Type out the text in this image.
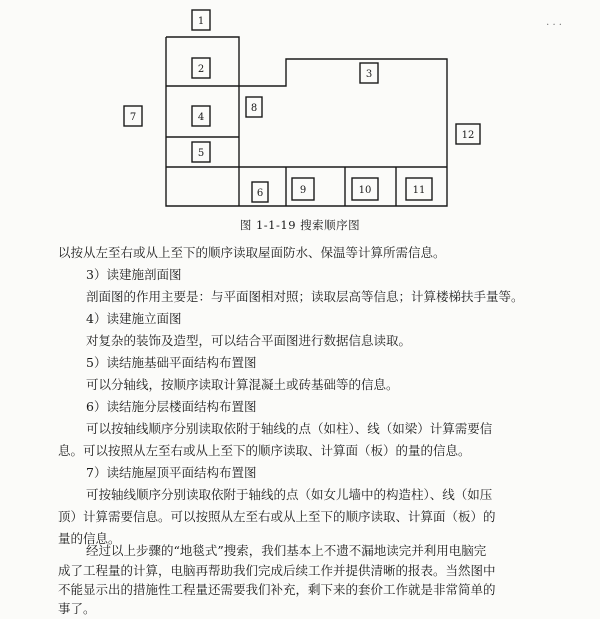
· · ·
1
2	3
4
5
6
7
8
9	10	11
12
图 1-1-19 搜索顺序图
以按从左至右或从上至下的顺序读取屋面防水、保温等计算所需信息。
3）读建施剖面图
剖面图的作用主要是：与平面图相对照；读取层高等信息；计算楼梯扶手量等。
4）读建施立面图
对复杂的装饰及造型，可以结合平面图进行数据信息读取。
5）读结施基础平面结构布置图
可以分轴线，按顺序读取计算混凝土或砖基础等的信息。
6）读结施分层楼面结构布置图
可以按轴线顺序分别读取依附于轴线的点（如柱）、线（如梁）计算需要信
息。可以按照从左至右或从上至下的顺序读取、计算面（板）的量的信息。
7）读结施屋顶平面结构布置图
可按轴线顺序分别读取依附于轴线的点（如女儿墙中的构造柱）、线（如压
顶）计算需要信息。可以按照从左至右或从上至下的顺序读取、计算面（板）的
量的信息。
经过以上步骤的“地毯式”搜索，我们基本上不遗不漏地读完并利用电脑完
成了工程量的计算，电脑再帮助我们完成后续工作并提供清晰的报表。当然图中
不能显示出的措施性工程量还需要我们补充，剩下来的套价工作就是非常简单的
事了。
